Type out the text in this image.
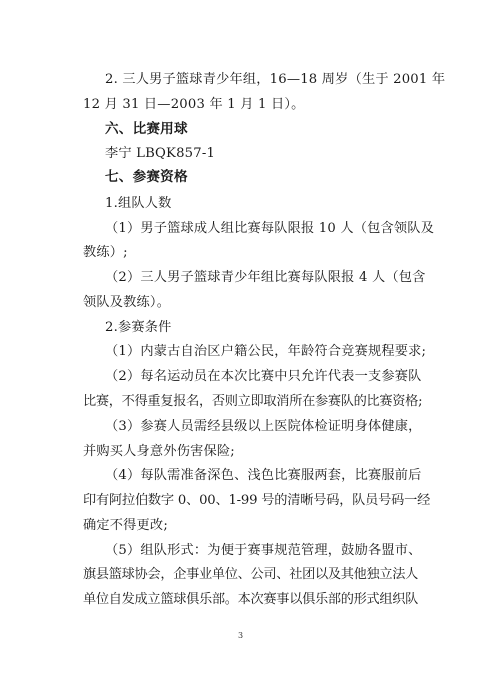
2. 三人男子篮球青少年组，16—18 周岁（生于 2001 年
12 月 31 日—2003 年 1 月 1 日）。
六、比赛用球
李宁 LBQK857-1
七、参赛资格
1.组队人数
（1）男子篮球成人组比赛每队限报 10 人（包含领队及
教练）;
（2）三人男子篮球青少年组比赛每队限报 4 人（包含
领队及教练）。
2.参赛条件
（1）内蒙古自治区户籍公民，年龄符合竞赛规程要求;
（2）每名运动员在本次比赛中只允许代表一支参赛队
比赛，不得重复报名，否则立即取消所在参赛队的比赛资格;
（3）参赛人员需经县级以上医院体检证明身体健康，
并购买人身意外伤害保险;
（4）每队需准备深色、浅色比赛服两套，比赛服前后
印有阿拉伯数字 0、00、1-99 号的清晰号码，队员号码一经
确定不得更改;
（5）组队形式：为便于赛事规范管理，鼓励各盟市、
旗县篮球协会，企事业单位、公司、社团以及其他独立法人
单位自发成立篮球俱乐部。本次赛事以俱乐部的形式组织队
3
